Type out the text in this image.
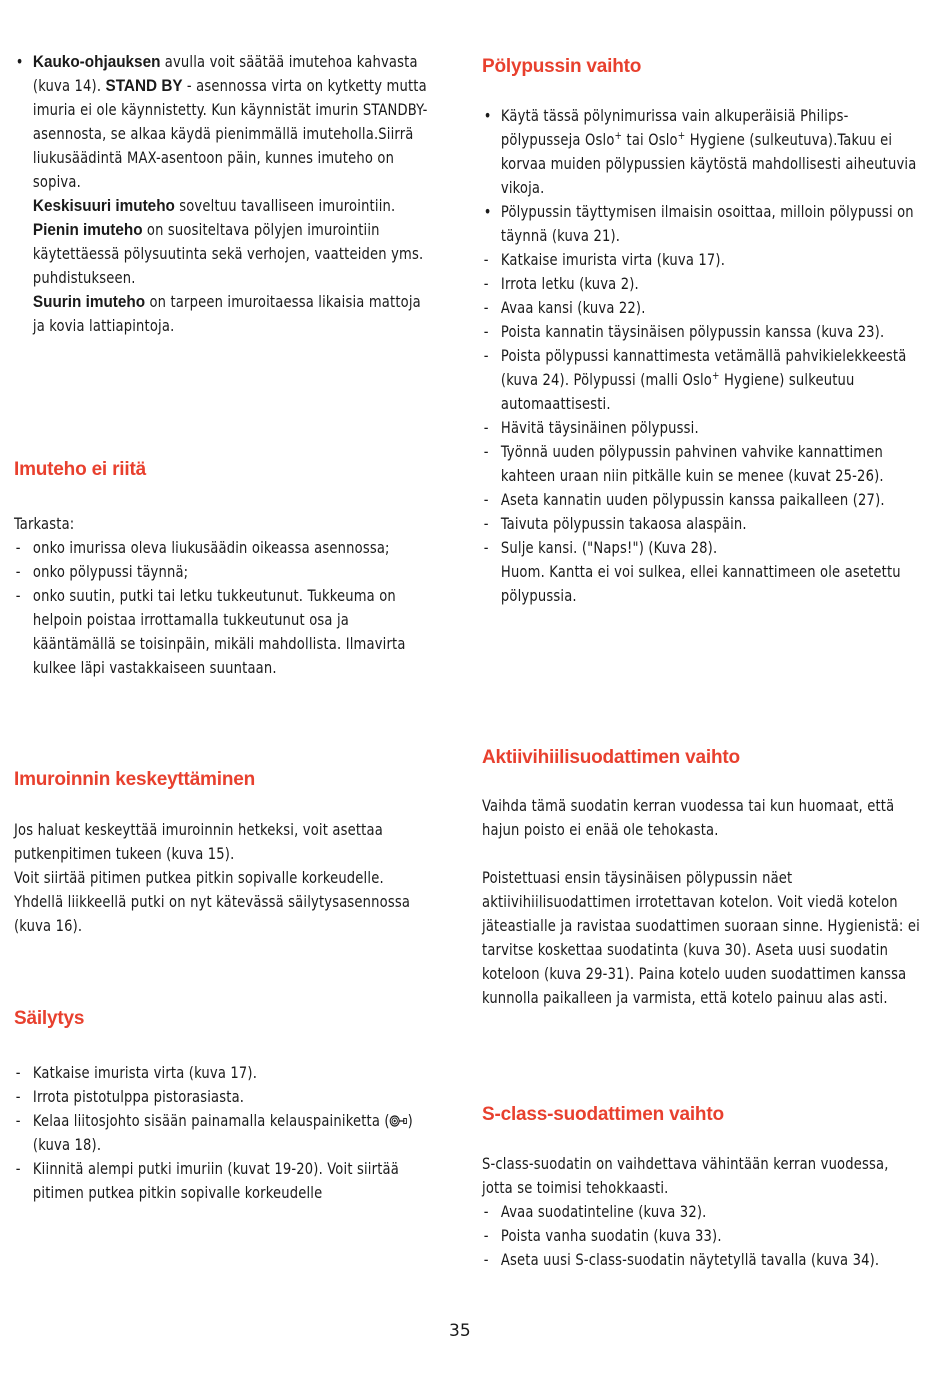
• Kauko-ohjauksen avulla voit säätää imutehoa kahvasta (kuva 14). STAND BY - asennossa virta on kytketty mutta imuria ei ole käynnistetty. Kun käynnistät imurin STANDBY-asennosta, se alkaa käydä pienimmällä imuteholla.Siirrä liukusäädintä MAX-asentoon päin, kunnes imuteho on sopiva.

Keskisuuri imuteho soveltuu tavalliseen imurointiin.

Pienin imuteho on suositeltava pölyjen imurointiin käytettäessä pölysuutinta sekä verhojen, vaatteiden yms. puhdistukseen.

Suurin imuteho on tarpeen imuroitaessa likaisia mattoja ja kovia lattiapintoja.

Imuteho ei riitä

Tarkasta:

- onko imurissa oleva liukusäädin oikeassa asennossa;

- onko pölypussi täynnä;

- onko suutin, putki tai letku tukkeutunut. Tukkeuma on helpoin poistaa irrottamalla tukkeutunut osa ja kääntämällä se toisinpäin, mikäli mahdollista. Ilmavirta kulkee läpi vastakkaiseen suuntaan.

Imuroinnin keskeyttäminen

Jos haluat keskeyttää imuroinnin hetkeksi, voit asettaa putkenpitimen tukeen (kuva 15).

Voit siirtää pitimen putkea pitkin sopivalle korkeudelle.

Yhdellä liikkeellä putki on nyt kätevässä säilytysasennossa (kuva 16).

Säilytys

- Katkaise imurista virta (kuva 17).

- Irrota pistotulppa pistorasiasta.

- Kelaa liitosjohto sisään painamalla kelauspainiketta ( ) (kuva 18).

- Kiinnitä alempi putki imuriin (kuvat 19-20). Voit siirtää pitimen putkea pitkin sopivalle korkeudelle

Pölypussin vaihto

• Käytä tässä pölynimurissa vain alkuperäisiä Philips-pölypusseja Oslo+ tai Oslo+ Hygiene (sulkeutuva).Takuu ei korvaa muiden pölypussien käytöstä mahdollisesti aiheutuvia vikoja.

• Pölypussin täyttymisen ilmaisin osoittaa, milloin pölypussi on täynnä (kuva 21).

- Katkaise imurista virta (kuva 17).

- Irrota letku (kuva 2).

- Avaa kansi (kuva 22).

- Poista kannatin täysinäisen pölypussin kanssa (kuva 23).

- Poista pölypussi kannattimesta vetämällä pahvikielekkeestä (kuva 24). Pölypussi (malli Oslo+ Hygiene) sulkeutuu automaattisesti.

- Hävitä täysinäinen pölypussi.

- Työnnä uuden pölypussin pahvinen vahvike kannattimen kahteen uraan niin pitkälle kuin se menee (kuvat 25-26).

- Aseta kannatin uuden pölypussin kanssa paikalleen (27).

- Taivuta pölypussin takaosa alaspäin.

- Sulje kansi. ("Naps!") (Kuva 28).

Huom. Kantta ei voi sulkea, ellei kannattimeen ole asetettu pölypussia.

Aktiivihiilisuodattimen vaihto

Vaihda tämä suodatin kerran vuodessa tai kun huomaat, että hajun poisto ei enää ole tehokasta.

Poistettuasi ensin täysinäisen pölypussin näet aktiivihiilisuodattimen irrotettavan kotelon. Voit viedä kotelon jäteastialle ja ravistaa suodattimen suoraan sinne. Hygienistä: ei tarvitse koskettaa suodatinta (kuva 30). Aseta uusi suodatin koteloon (kuva 29-31). Paina kotelo uuden suodattimen kanssa kunnolla paikalleen ja varmista, että kotelo painuu alas asti.

S-class-suodattimen vaihto

S-class-suodatin on vaihdettava vähintään kerran vuodessa, jotta se toimisi tehokkaasti.

- Avaa suodatinteline (kuva 32).

- Poista vanha suodatin (kuva 33).

- Aseta uusi S-class-suodatin näytetyllä tavalla (kuva 34).

35
